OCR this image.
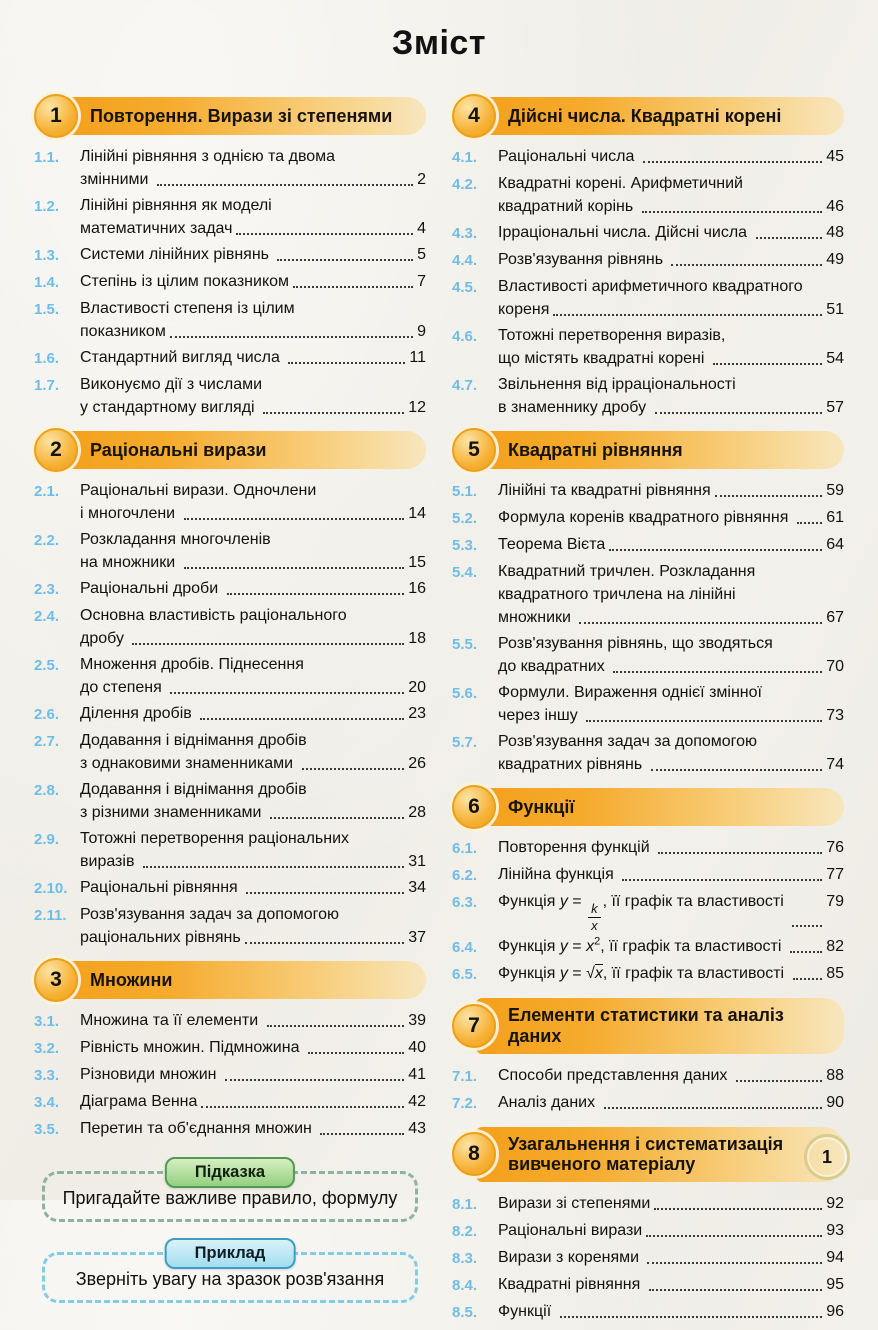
Зміст
1	Повторення. Вирази зі степенями
1.1.	Лінійні рівняння з однією та двома
змінними	2
1.2.	Лінійні рівняння як моделі
математичних задач	4
1.3.	Системи лінійних рівнянь	5
1.4.	Степінь із цілим показником	7
1.5.	Властивості степеня із цілим
показником	9
1.6.	Стандартний вигляд числа	11
1.7.	Виконуємо дії з числами
у стандартному вигляді	12
2	Раціональні вирази
2.1.	Раціональні вирази. Одночлени
і многочлени	14
2.2.	Розкладання многочленів
на множники	15
2.3.	Раціональні дроби	16
2.4.	Основна властивість раціонального
дробу	18
2.5.	Множення дробів. Піднесення
до степеня	20
2.6.	Ділення дробів	23
2.7.	Додавання і віднімання дробів
з однаковими знаменниками	26
2.8.	Додавання і віднімання дробів
з різними знаменниками	28
2.9.	Тотожні перетворення раціональних
виразів	31
2.10. Раціональні рівняння	34
2.11. Розв'язування задач за допомогою
раціональних рівнянь	37
3	Множини
3.1.	Множина та її елементи	39
3.2.	Рівність множин. Підмножина	40
3.3.	Різновиди множин	41
3.4.	Діаграма Венна	42
3.5.	Перетин та об'єднання множин	43
Підказка
Пригадайте важливе правило, формулу
Приклад
Зверніть увагу на зразок розв'язання
4	Дійсні числа. Квадратні корені
4.1.	Раціональні числа	45
4.2.	Квадратні корені. Арифметичний
квадратний корінь	46
4.3.	Ірраціональні числа. Дійсні числа	48
4.4.	Розв'язування рівнянь	49
4.5.	Властивості арифметичного квадратного
кореня	51
4.6.	Тотожні перетворення виразів,
що містять квадратні корені	54
4.7.	Звільнення від ірраціональності
в знаменнику дробу	57
5	Квадратні рівняння
5.1.	Лінійні та квадратні рівняння	59
5.2.	Формула коренів квадратного рівняння 61
5.3.	Теорема Вієта	64
5.4.	Квадратний тричлен. Розкладання
квадратного тричлена на лінійні
множники	67
5.5.	Розв'язування рівнянь, що зводяться
до квадратних	70
5.6.	Формули. Вираження однієї змінної
через іншу	73
5.7.	Розв'язування задач за допомогою
квадратних рівнянь	74
6	Функції
6.1.	Повторення функцій	76
6.2.	Лінійна функція	77
6.3.	Функція y =
$\frac{k}{x}$
, її графік та властивості 79
6.4.	Функція $y = x^2$, її графік та властивості	82
6.5.	Функція y = √x, її графік та властивості 85
7	Елементи статистики та аналіз даних
7.1.	Способи представлення даних	88
7.2.	Аналіз даних	90
8	Узагальнення і систематизація вивченого матеріалу
8.1.	Вирази зі степенями	92
8.2.	Раціональні вирази	93
8.3.	Вирази з коренями	94
8.4.	Квадратні рівняння	95
8.5.	Функції	96
1
